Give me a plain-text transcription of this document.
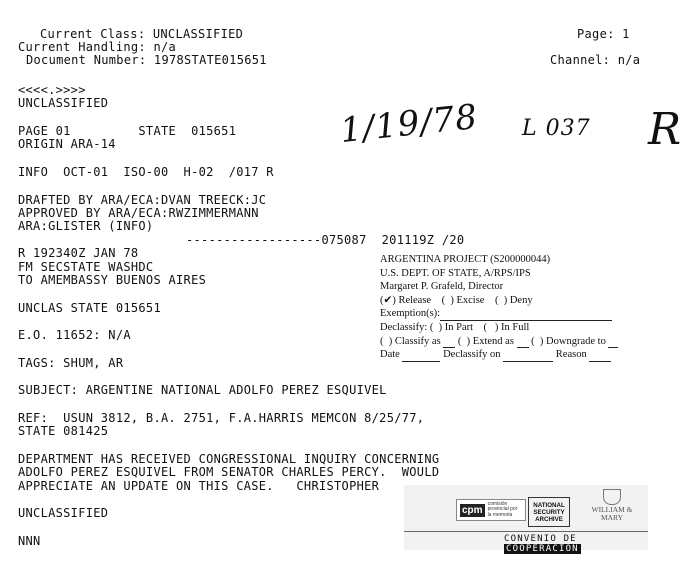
Current Class: UNCLASSIFIED	Page: 1
Current Handling: n/a
Document Number: 1978STATE015651	Channel: n/a
<<<<.>>>>
UNCLASSIFIED
PAGE 01         STATE  015651
ORIGIN ARA-14
INFO  OCT-01  ISO-00  H-02  /017 R
DRAFTED BY ARA/ECA:DVAN TREECK:JC
APPROVED BY ARA/ECA:RWZIMMERMANN
ARA:GLISTER (INFO)
------------------075087  201119Z /20
R 192340Z JAN 78
FM SECSTATE WASHDC
TO AMEMBASSY BUENOS AIRES
UNCLAS STATE 015651
E.O. 11652: N/A
TAGS: SHUM, AR
SUBJECT: ARGENTINE NATIONAL ADOLFO PEREZ ESQUIVEL
REF:  USUN 3812, B.A. 2751, F.A.HARRIS MEMCON 8/25/77,
STATE 081425
DEPARTMENT HAS RECEIVED CONGRESSIONAL INQUIRY CONCERNING
ADOLFO PEREZ ESQUIVEL FROM SENATOR CHARLES PERCY.  WOULD
APPRECIATE AN UPDATE ON THIS CASE.   CHRISTOPHER
UNCLASSIFIED
NNN
1/19/78 L 037 R
ARGENTINA PROJECT (S200000044)
U.S. DEPT. OF STATE, A/RPS/IPS
Margaret P. Grafeld, Director
(✔) Release    (  ) Excise    (  ) Deny
Exemption(s):
Declassify: (  ) In Part    (   ) In Full
(  ) Classify as  (  ) Extend as  (  ) Downgrade to
Date	Declassify on	Reason
cpm
comisión provincial por la memoria
NATIONAL SECURITY ARCHIVE
WILLIAM & MARY
CONVENIO DE COOPERACION
